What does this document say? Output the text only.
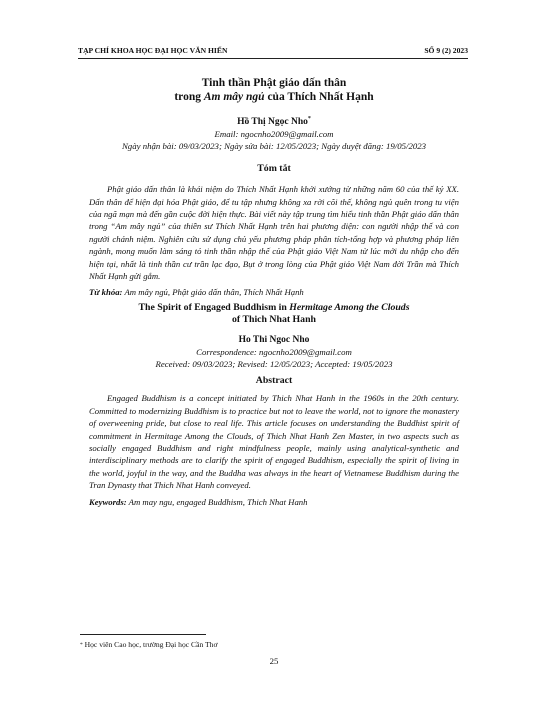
TẠP CHÍ KHOA HỌC ĐẠI HỌC VĂN HIẾN	SỐ 9 (2) 2023
Tinh thần Phật giáo dấn thân
trong Am mây ngủ của Thích Nhất Hạnh
Hồ Thị Ngọc Nho*
Email: ngocnho2009@gmail.com
Ngày nhận bài: 09/03/2023; Ngày sửa bài: 12/05/2023; Ngày duyệt đăng: 19/05/2023
Tóm tắt

Phật giáo dấn thân là khái niệm do Thích Nhất Hạnh khởi xướng từ những năm 60 của thế kỷ XX. Dấn thân để hiện đại hóa Phật giáo, để tu tập nhưng không xa rời cõi thế, không ngủ quên trong tu viện của ngã mạn mà đến gần cuộc đời hiện thực. Bài viết này tập trung tìm hiểu tinh thần Phật giáo dấn thân trong “Am mây ngủ” của thiền sư Thích Nhất Hạnh trên hai phương diện: con người nhập thế và con người chánh niệm. Nghiên cứu sử dụng chủ yếu phương pháp phân tích-tổng hợp và phương pháp liên ngành, mong muốn làm sáng tỏ tinh thần nhập thế của Phật giáo Việt Nam từ lúc mới du nhập cho đến hiện tại, nhất là tinh thần cư trần lạc đạo, Bụt ở trong lòng của Phật giáo Việt Nam đời Trần mà Thích Nhất Hạnh gửi gắm.

Từ khóa: Am mây ngủ, Phật giáo dấn thân, Thích Nhất Hạnh
The Spirit of Engaged Buddhism in Hermitage Among the Clouds
of Thich Nhat Hanh
Ho Thi Ngoc Nho
Correspondence: ngocnho2009@gmail.com
Received: 09/03/2023; Revised: 12/05/2023; Accepted: 19/05/2023
Abstract

Engaged Buddhism is a concept initiated by Thich Nhat Hanh in the 1960s in the 20th century. Committed to modernizing Buddhism is to practice but not to leave the world, not to ignore the monastery of overweening pride, but close to real life. This article focuses on understanding the Buddhist spirit of commitment in Hermitage Among the Clouds, of Thich Nhat Hanh Zen Master, in two aspects such as socially engaged Buddhism and right mindfulness people, mainly using analytical-synthetic and interdisciplinary methods are to clarify the spirit of engaged Buddhism, especially the spirit of living in the world, joyful in the way, and the Buddha was always in the heart of Vietnamese Buddhism during the Tran Dynasty that Thich Nhat Hanh conveyed.

Keywords: Am may ngu, engaged Buddhism, Thich Nhat Hanh
* Học viên Cao học, trường Đại học Cần Thơ
25
